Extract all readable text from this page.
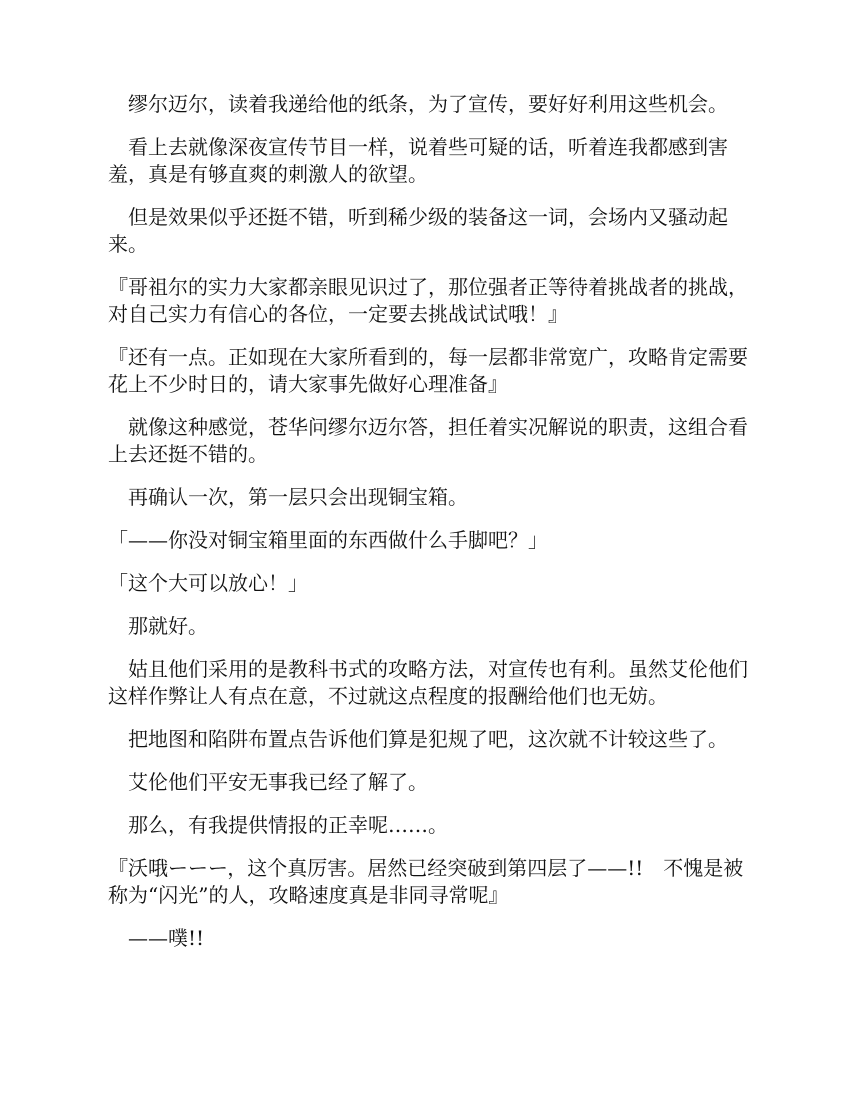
缪尔迈尔，读着我递给他的纸条，为了宣传，要好好利用这些机会。

看上去就像深夜宣传节目一样，说着些可疑的话，听着连我都感到害羞，真是有够直爽的刺激人的欲望。

但是效果似乎还挺不错，听到稀少级的装备这一词，会场内又骚动起来。

『哥祖尔的实力大家都亲眼见识过了，那位强者正等待着挑战者的挑战，对自己实力有信心的各位，一定要去挑战试试哦！』

『还有一点。正如现在大家所看到的，每一层都非常宽广，攻略肯定需要花上不少时日的，请大家事先做好心理准备』

就像这种感觉，苍华问缪尔迈尔答，担任着实况解说的职责，这组合看上去还挺不错的。

再确认一次，第一层只会出现铜宝箱。

「——你没对铜宝箱里面的东西做什么手脚吧？」

「这个大可以放心！」

那就好。

姑且他们采用的是教科书式的攻略方法，对宣传也有利。虽然艾伦他们这样作弊让人有点在意，不过就这点程度的报酬给他们也无妨。

把地图和陷阱布置点告诉他们算是犯规了吧，这次就不计较这些了。

艾伦他们平安无事我已经了解了。

那么，有我提供情报的正幸呢……。

『沃哦ーーー，这个真厉害。居然已经突破到第四层了——!!　不愧是被称为“闪光”的人，攻略速度真是非同寻常呢』

——噗!!
